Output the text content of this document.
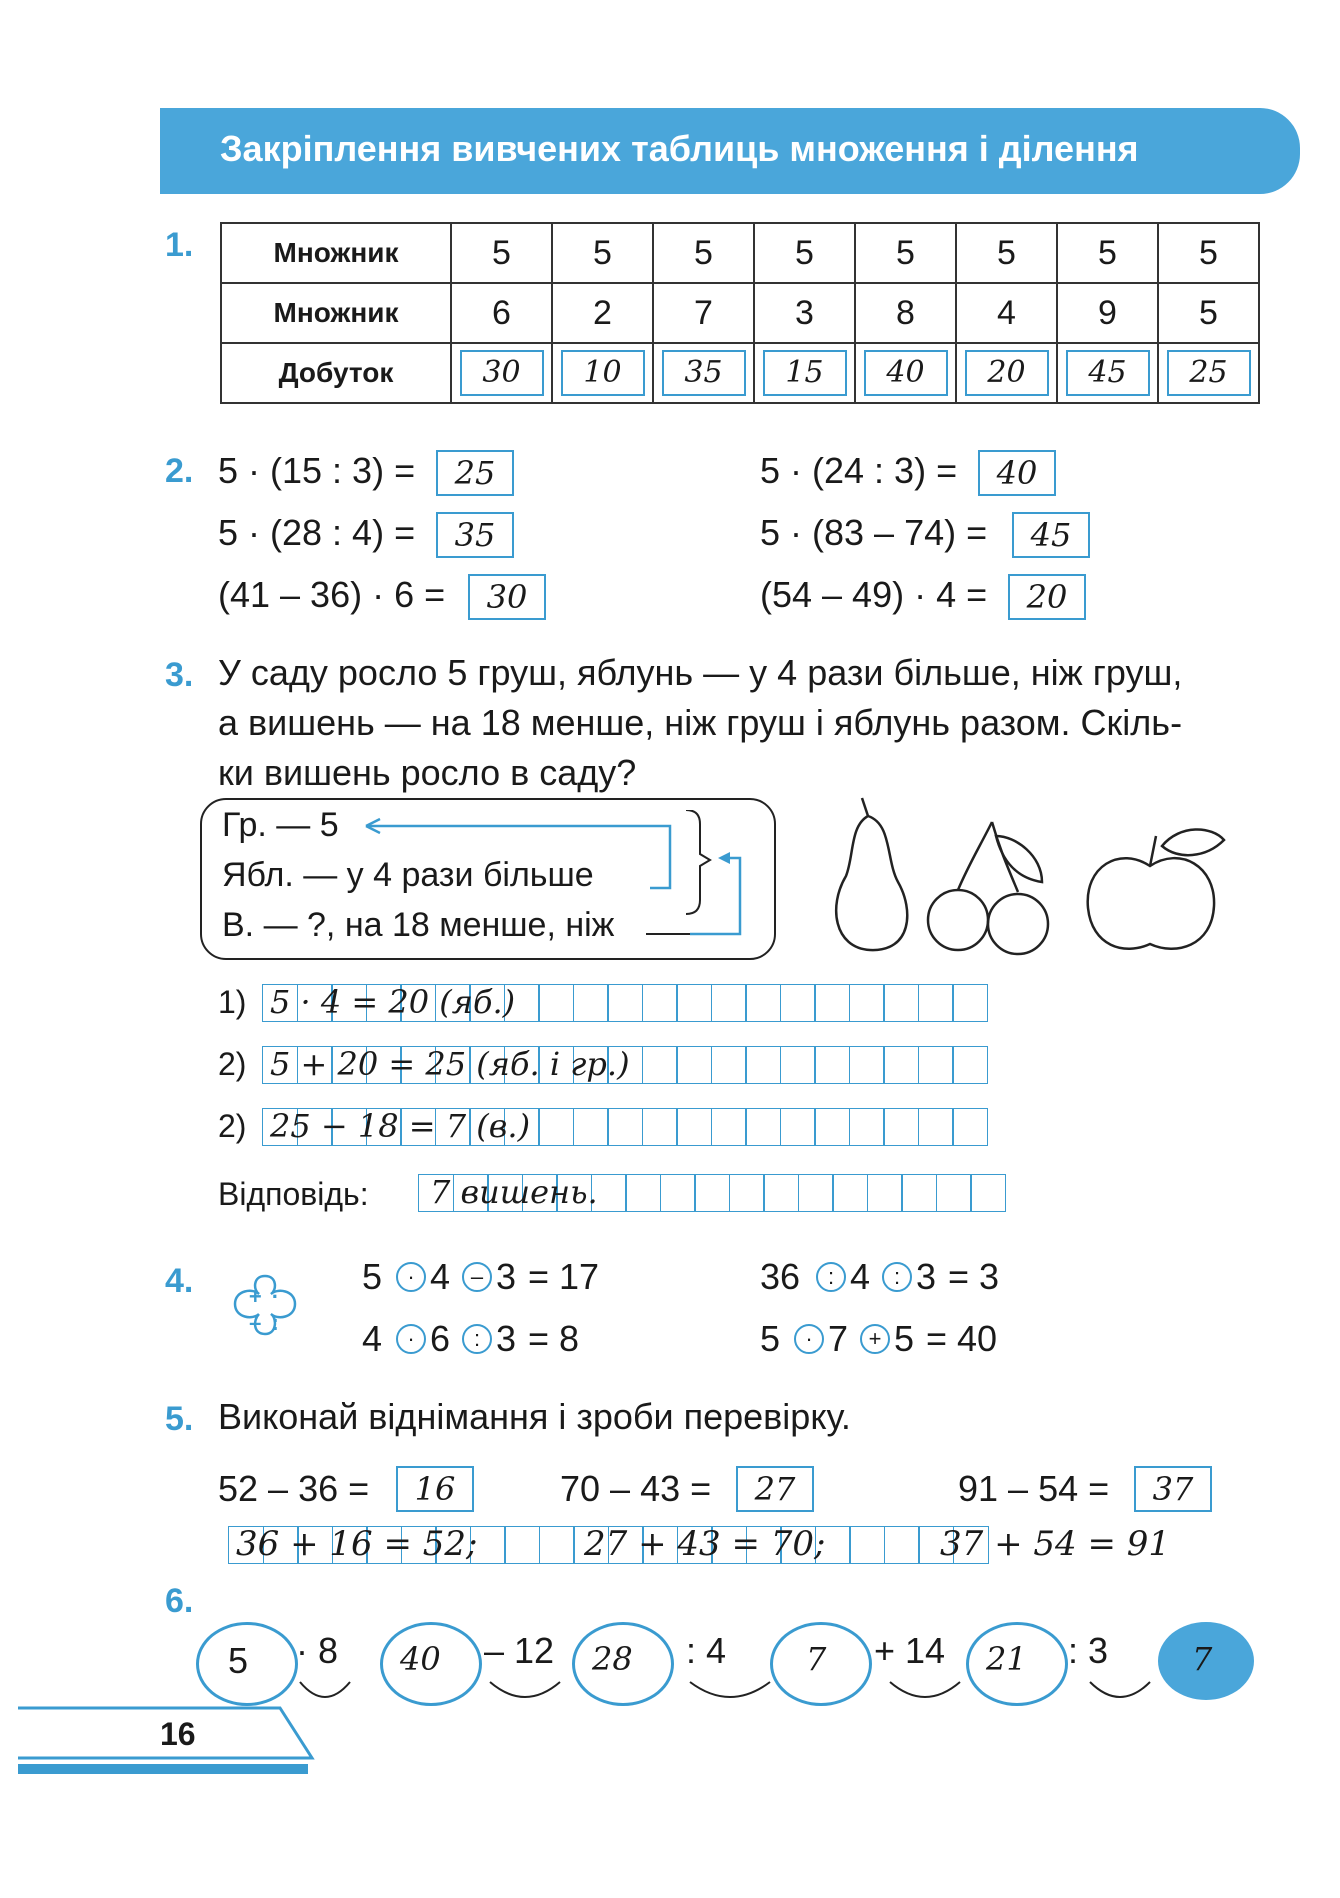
Закріплення вивчених таблиць множення і ділення
1.	Множник	5	5	5	5	5	5	5	5
Множник	6	2	7	3	8	4	9	5
Добуток	30	10	35	15	40	20	45	25
2. 5 · (15 : 3) =	25	5 · (24 : 3) =	40
5 · (28 : 4) =	35	5 · (83 – 74) =	45
(41 – 36) · 6 =	30	(54 – 49) · 4 =	20
3. У саду росло 5 груш, яблунь — у 4 рази більше, ніж груш,
а вишень — на 18 менше, ніж груш і яблунь разом. Скіль-
ки вишень росло в саду?
Гр. — 5
Ябл. — у 4 рази більше
В. — ?, на 18 менше, ніж
1) 5 · 4 = 20 (яб.)
2) 5 + 20 = 25 (яб. і гр.)
2) 25 − 18 = 7 (в.)
Відповідь: 7 вишень.
4.	+ · – :
5	· 4 – 3 = 17	36	: 4	: 3 = 3
4	· 6	: 3 = 8	5	· 7 + 5 = 40
5. Виконай віднімання і зроби перевірку.
52 – 36 =	16	70 – 43 =	27	91 – 54 =	37
36 + 16 = 52;	27 + 43 = 70;	37 + 54 = 91
6.
5 · 8 40 – 12 28 : 4 7 + 14 21 : 3	7
16
